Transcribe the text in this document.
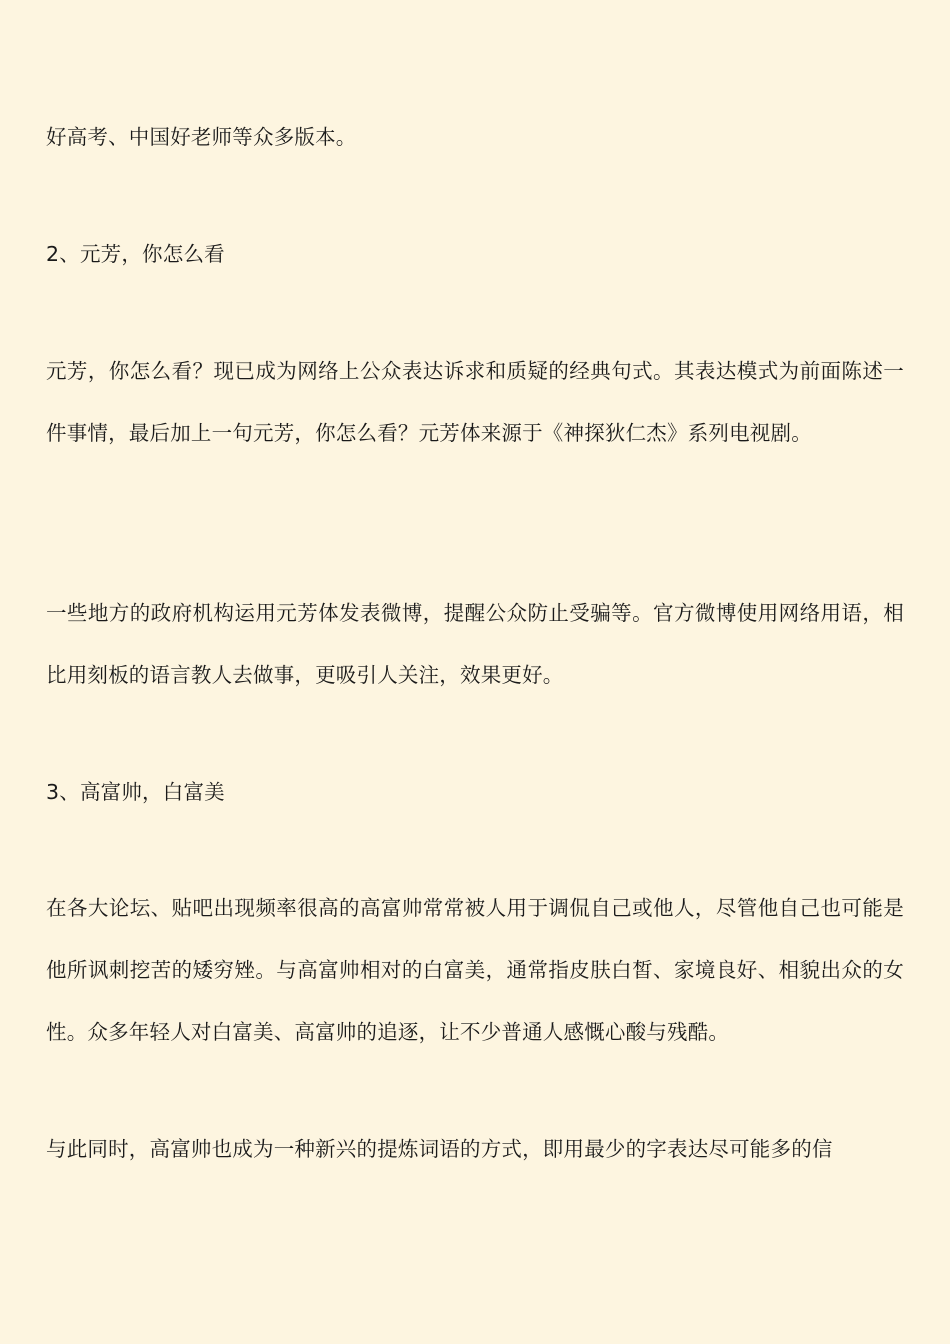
好高考、中国好老师等众多版本。

2、元芳，你怎么看

元芳，你怎么看？现已成为网络上公众表达诉求和质疑的经典句式。其表达模式为前面陈述一件事情，最后加上一句元芳，你怎么看？元芳体来源于《神探狄仁杰》系列电视剧。

一些地方的政府机构运用元芳体发表微博，提醒公众防止受骗等。官方微博使用网络用语，相比用刻板的语言教人去做事，更吸引人关注，效果更好。

3、高富帅，白富美

在各大论坛、贴吧出现频率很高的高富帅常常被人用于调侃自己或他人，尽管他自己也可能是他所讽刺挖苦的矮穷矬。与高富帅相对的白富美，通常指皮肤白皙、家境良好、相貌出众的女性。众多年轻人对白富美、高富帅的追逐，让不少普通人感慨心酸与残酷。

与此同时，高富帅也成为一种新兴的提炼词语的方式，即用最少的字表达尽可能多的信
